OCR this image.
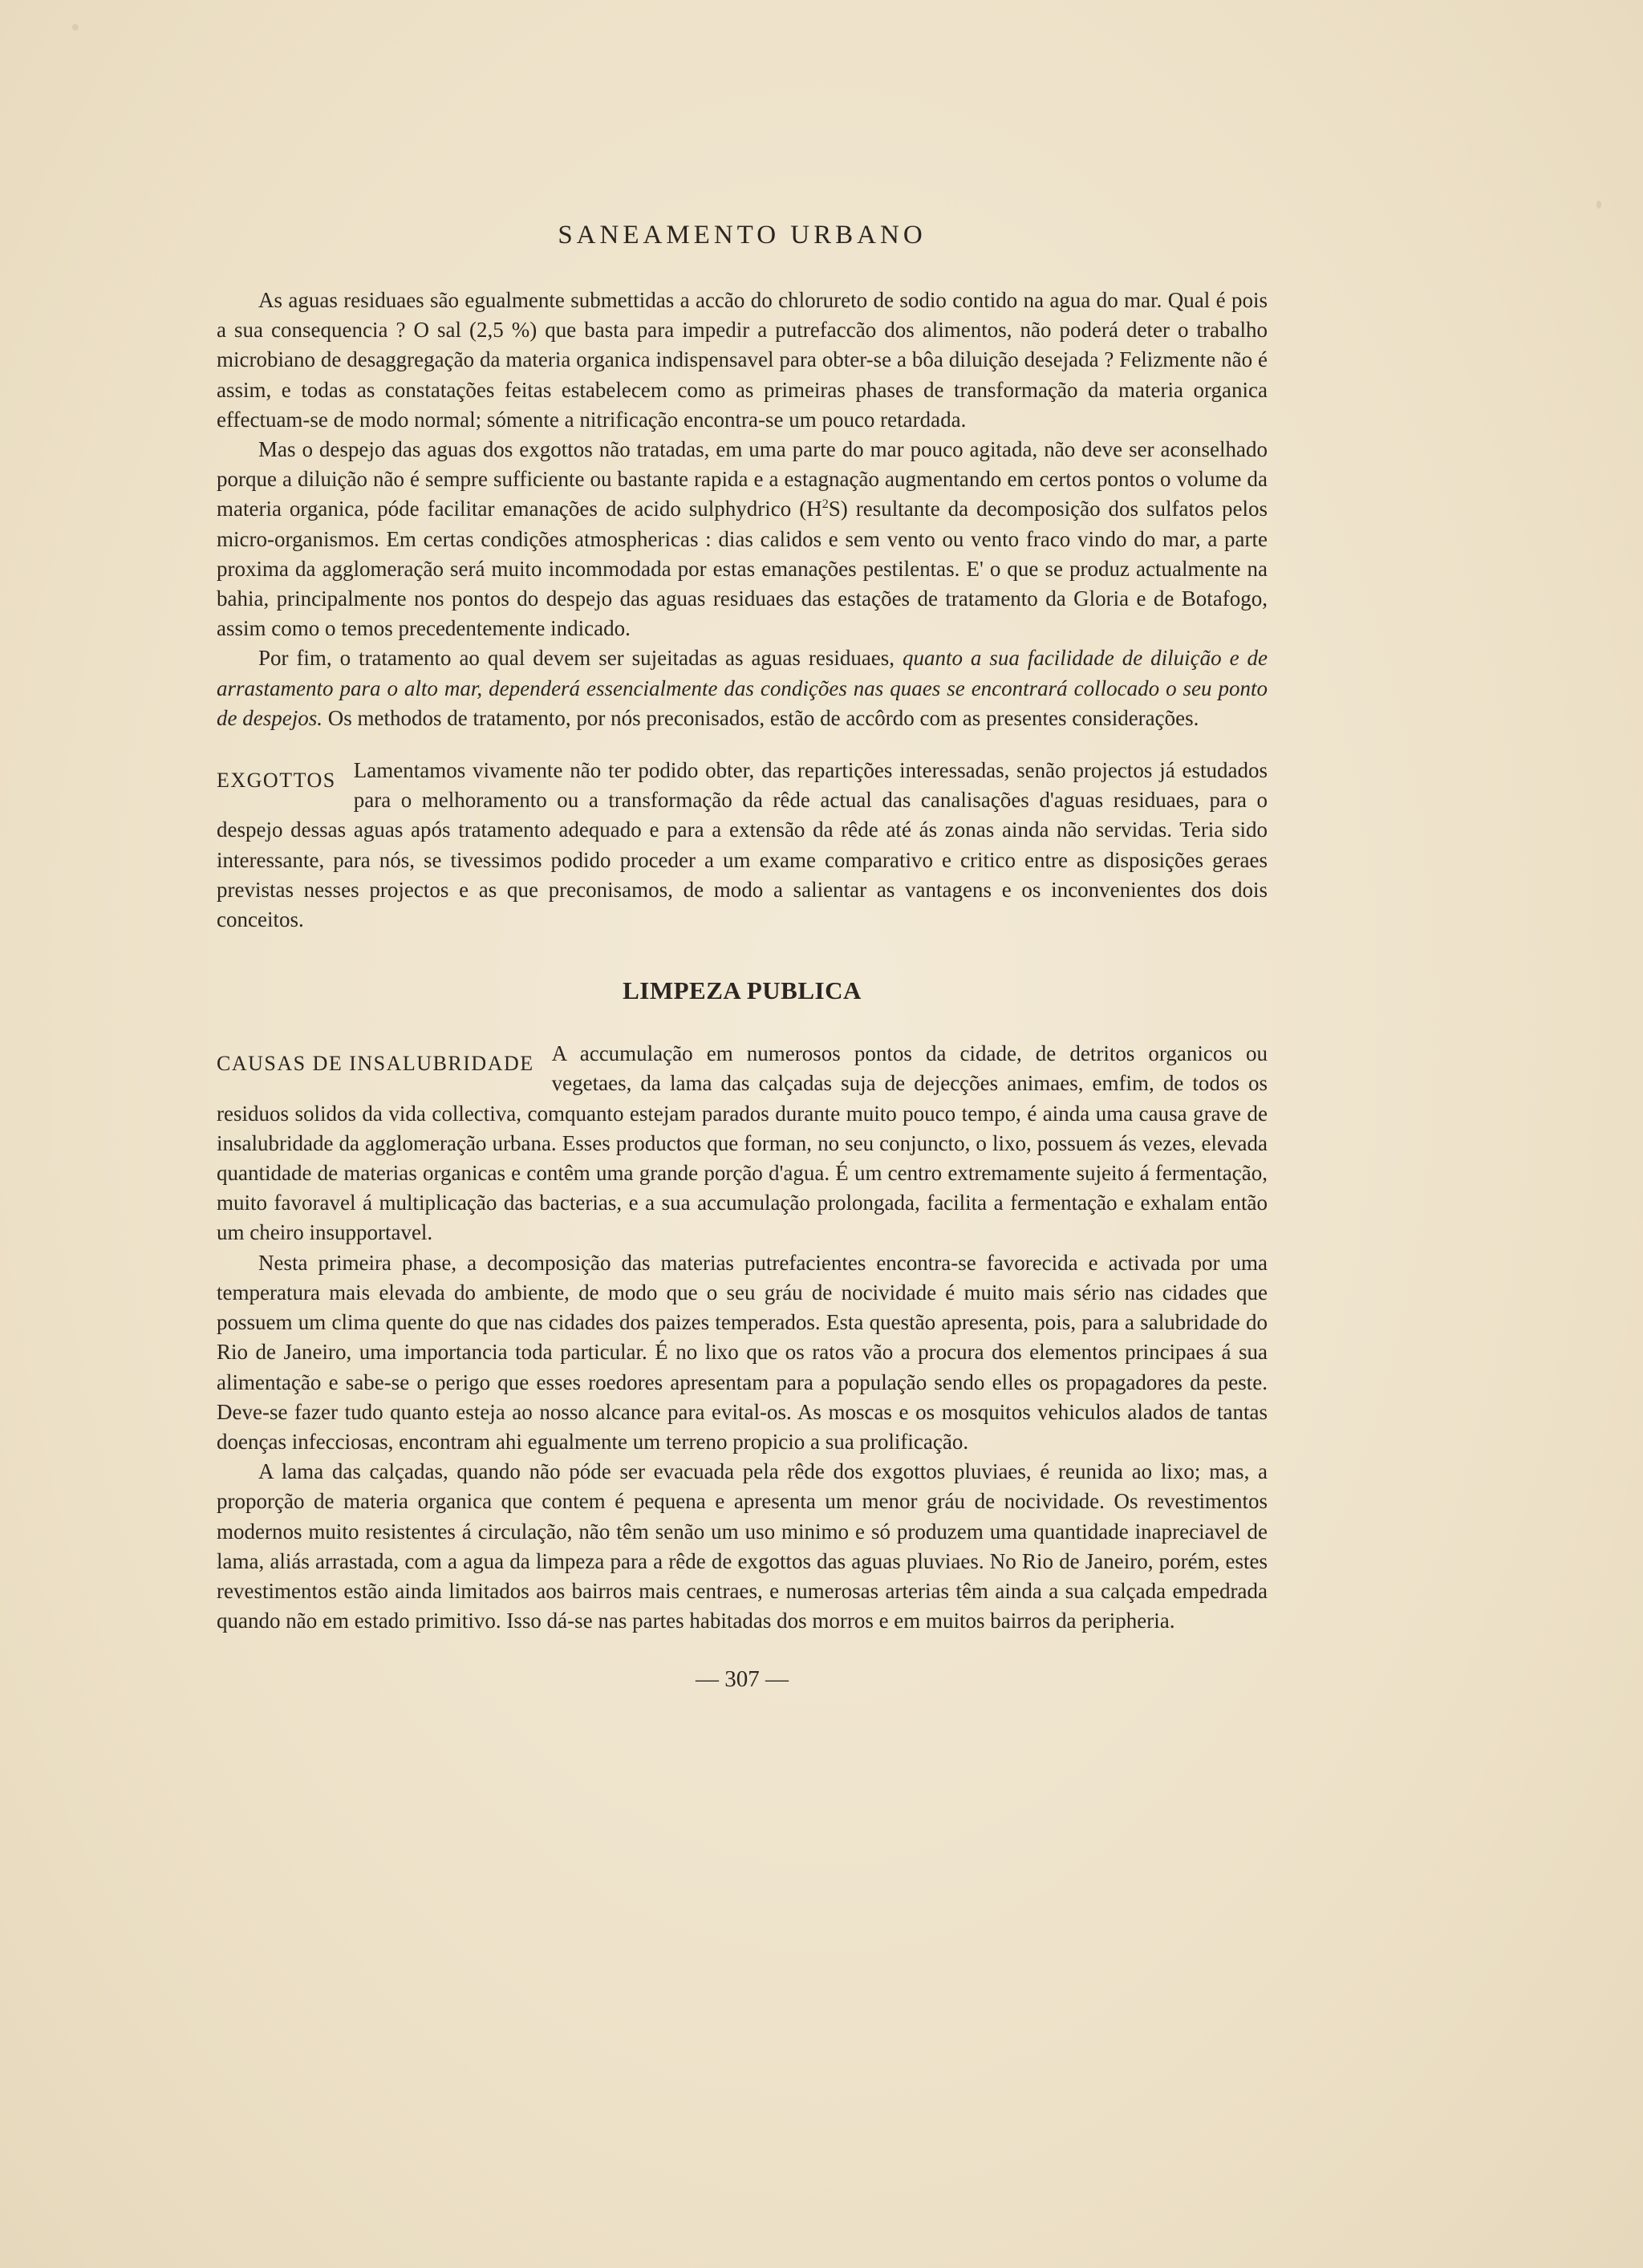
SANEAMENTO URBANO

As aguas residuaes são egualmente submettidas a accão do chlorureto de sodio contido na agua do mar. Qual é pois a sua consequencia ? O sal (2,5 %) que basta para impedir a putrefaccão dos alimentos, não poderá deter o trabalho microbiano de desaggregação da materia organica indispensavel para obter-se a bôa diluição desejada ? Felizmente não é assim, e todas as constatações feitas estabelecem como as primeiras phases de transformação da materia organica effectuam-se de modo normal; sómente a nitrificação encontra-se um pouco retardada.

Mas o despejo das aguas dos exgottos não tratadas, em uma parte do mar pouco agitada, não deve ser aconselhado porque a diluição não é sempre sufficiente ou bastante rapida e a estagnação augmentando em certos pontos o volume da materia organica, póde facilitar emanações de acido sulphydrico $(H^2S)$ resultante da decomposição dos sulfatos pelos micro-organismos. Em certas condições atmosphericas : dias calidos e sem vento ou vento fraco vindo do mar, a parte proxima da agglomeração será muito incommodada por estas emanações pestilentas. E' o que se produz actualmente na bahia, principalmente nos pontos do despejo das aguas residuaes das estações de tratamento da Gloria e de Botafogo, assim como o temos precedentemente indicado.

Por fim, o tratamento ao qual devem ser sujeitadas as aguas residuaes, quanto a sua facilidade de diluição e de arrastamento para o alto mar, dependerá essencialmente das condições nas quaes se encontrará collocado o seu ponto de despejos. Os methodos de tratamento, por nós preconisados, estão de accôrdo com as presentes considerações.

EXGOTTOS Lamentamos vivamente não ter podido obter, das repartições interessadas, senão projectos já estudados para o melhoramento ou a transformação da rêde actual das canalisações d'aguas residuaes, para o despejo dessas aguas após tratamento adequado e para a extensão da rêde até ás zonas ainda não servidas. Teria sido interessante, para nós, se tivessimos podido proceder a um exame comparativo e critico entre as disposições geraes previstas nesses projectos e as que preconisamos, de modo a salientar as vantagens e os inconvenientes dos dois conceitos.

LIMPEZA PUBLICA
CAUSAS DE INSALUBRIDADE A accumulação em numerosos pontos da cidade, de detritos organicos ou vegetaes, da lama das calçadas suja de dejecções animaes, emfim, de todos os residuos solidos da vida collectiva, comquanto estejam parados durante muito pouco tempo, é ainda uma causa grave de insalubridade da agglomeração urbana. Esses productos que forman, no seu conjuncto, o lixo, possuem ás vezes, elevada quantidade de materias organicas e contêm uma grande porção d'agua. É um centro extremamente sujeito á fermentação, muito favoravel á multiplicação das bacterias, e a sua accumulação prolongada, facilita a fermentação e exhalam então um cheiro insupportavel.

Nesta primeira phase, a decomposição das materias putrefacientes encontra-se favorecida e activada por uma temperatura mais elevada do ambiente, de modo que o seu gráu de nocividade é muito mais sério nas cidades que possuem um clima quente do que nas cidades dos paizes temperados. Esta questão apresenta, pois, para a salubridade do Rio de Janeiro, uma importancia toda particular. É no lixo que os ratos vão a procura dos elementos principaes á sua alimentação e sabe-se o perigo que esses roedores apresentam para a população sendo elles os propagadores da peste. Deve-se fazer tudo quanto esteja ao nosso alcance para evital-os. As moscas e os mosquitos vehiculos alados de tantas doenças infecciosas, encontram ahi egualmente um terreno propicio a sua prolificação.

A lama das calçadas, quando não póde ser evacuada pela rêde dos exgottos pluviaes, é reunida ao lixo; mas, a proporção de materia organica que contem é pequena e apresenta um menor gráu de nocividade. Os revestimentos modernos muito resistentes á circulação, não têm senão um uso minimo e só produzem uma quantidade inapreciavel de lama, aliás arrastada, com a agua da limpeza para a rêde de exgottos das aguas pluviaes. No Rio de Janeiro, porém, estes revestimentos estão ainda limitados aos bairros mais centraes, e numerosas arterias têm ainda a sua calçada empedrada quando não em estado primitivo. Isso dá-se nas partes habitadas dos morros e em muitos bairros da peripheria.

— 307 —
